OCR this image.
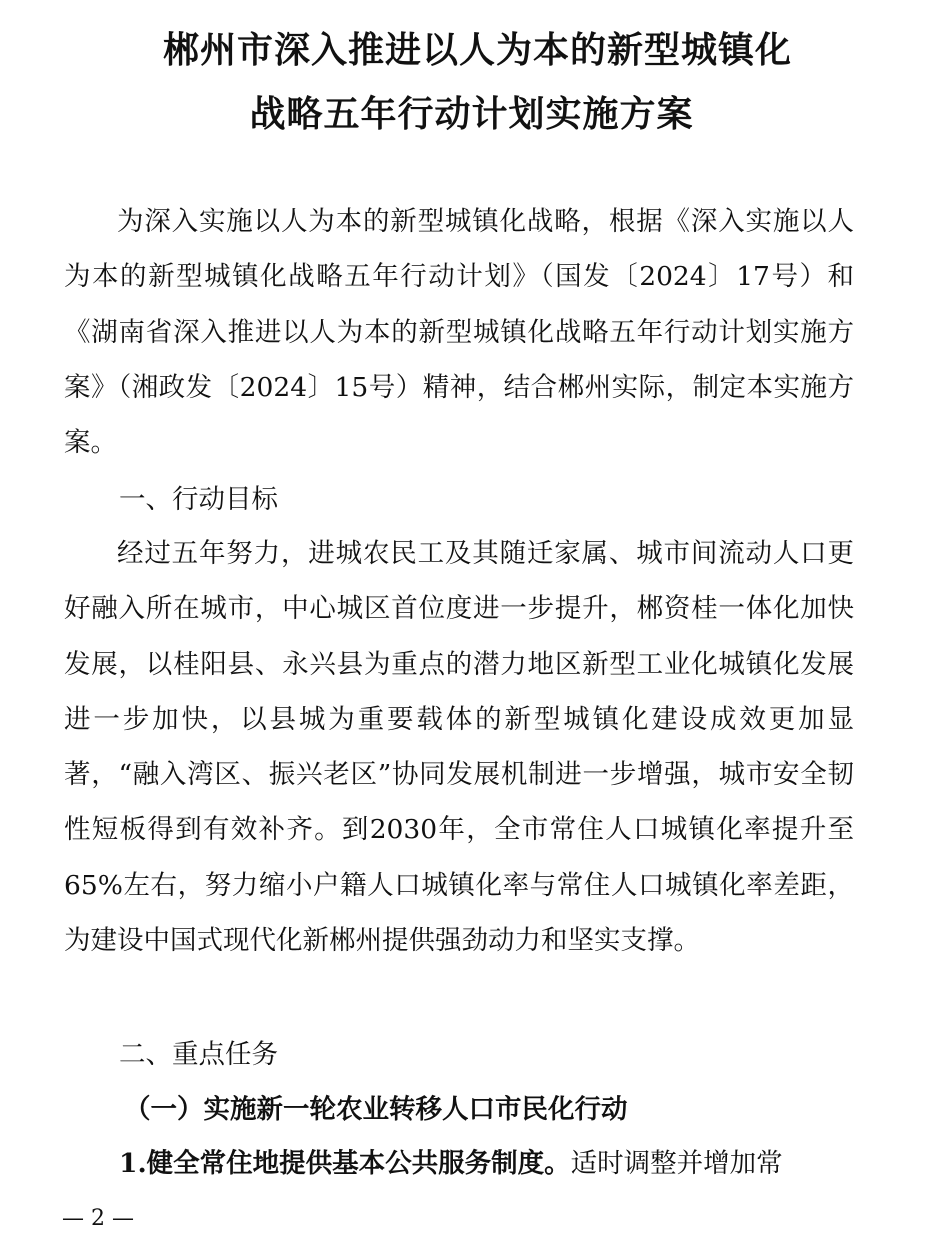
郴州市深入推进以人为本的新型城镇化
战略五年行动计划实施方案

为深入实施以人为本的新型城镇化战略，根据《深入实施以人为本的新型城镇化战略五年行动计划》（国发〔2024〕17号）和《湖南省深入推进以人为本的新型城镇化战略五年行动计划实施方案》（湘政发〔2024〕15号）精神，结合郴州实际，制定本实施方案。

一、行动目标

经过五年努力，进城农民工及其随迁家属、城市间流动人口更好融入所在城市，中心城区首位度进一步提升，郴资桂一体化加快发展，以桂阳县、永兴县为重点的潜力地区新型工业化城镇化发展进一步加快，以县城为重要载体的新型城镇化建设成效更加显著，“融入湾区、振兴老区”协同发展机制进一步增强，城市安全韧性短板得到有效补齐。到2030年，全市常住人口城镇化率提升至65%左右，努力缩小户籍人口城镇化率与常住人口城镇化率差距，为建设中国式现代化新郴州提供强劲动力和坚实支撑。

二、重点任务
（一）实施新一轮农业转移人口市民化行动
1.健全常住地提供基本公共服务制度。适时调整并增加常
— 2 —
